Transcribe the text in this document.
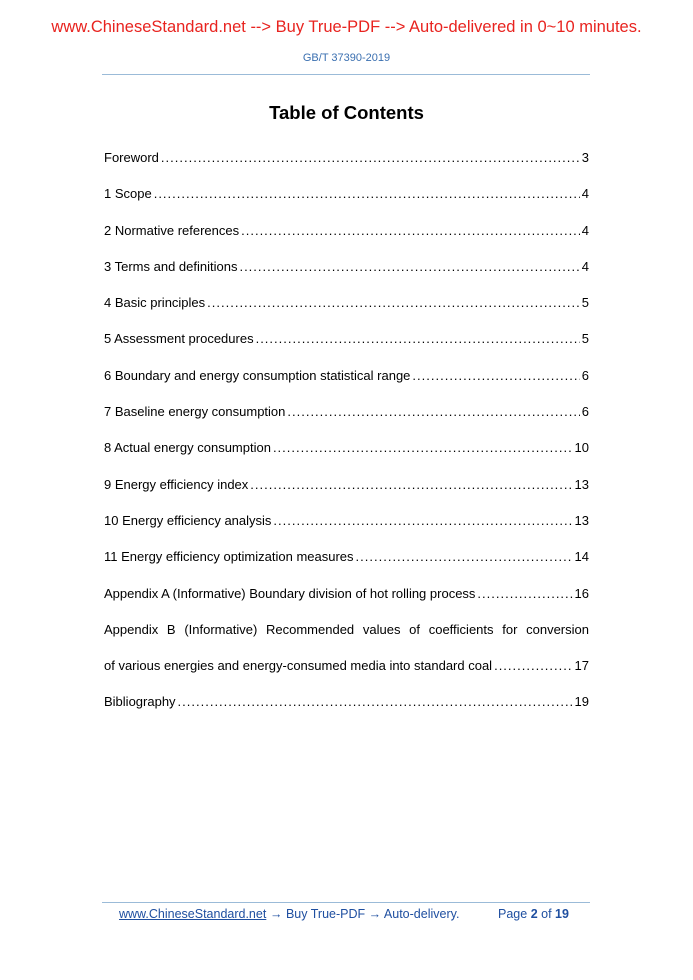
www.ChineseStandard.net --> Buy True-PDF --> Auto-delivered in 0~10 minutes.
GB/T 37390-2019
Table of Contents
Foreword .....	3
1 Scope .....	4
2 Normative references .....	4
3 Terms and definitions .....	4
4 Basic principles .....	5
5 Assessment procedures .....	5
6 Boundary and energy consumption statistical range .....	6
7 Baseline energy consumption .....	6
8 Actual energy consumption .....	10
9 Energy efficiency index .....	13
10 Energy efficiency analysis .....	13
11 Energy efficiency optimization measures .....	14
Appendix A (Informative) Boundary division of hot rolling process .....	16
Appendix B (Informative) Recommended values of coefficients for conversion
of various energies and energy-consumed media into standard coal .....	17
Bibliography .....	19
www.ChineseStandard.net → Buy True-PDF → Auto-delivery.	Page 2 of 19
